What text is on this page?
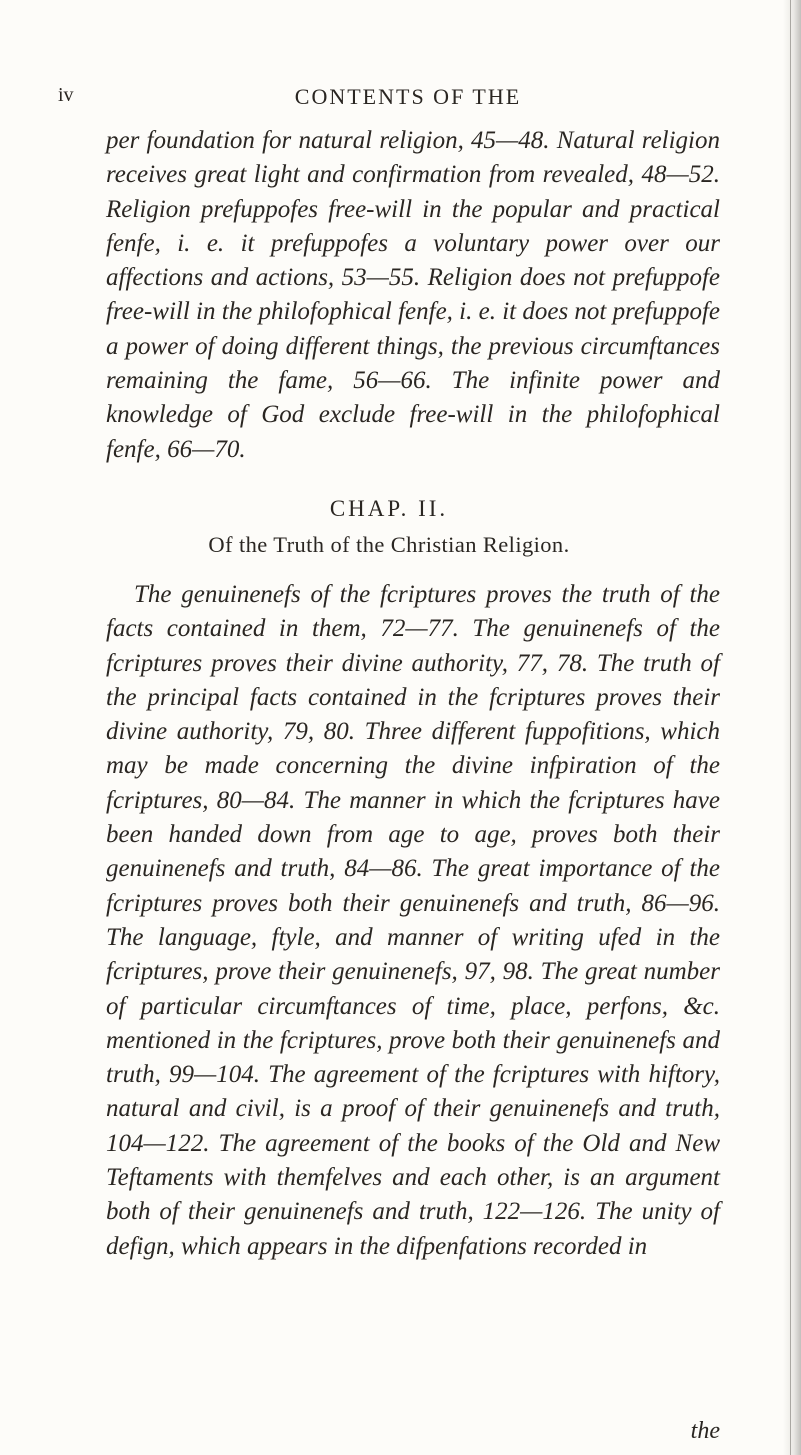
iv	CONTENTS OF THE

per foundation for natural religion, 45—48. Natural religion receives great light and confirmation from revealed, 48—52. Religion prefuppofes free-will in the popular and practical fenfe, i. e. it prefuppofes a voluntary power over our affections and actions, 53—55. Religion does not prefuppofe free-will in the philofophical fenfe, i. e. it does not prefuppofe a power of doing different things, the previous circumftances remaining the fame, 56—66. The infinite power and knowledge of God exclude free-will in the philofophical fenfe, 66—70.

CHAP. II.
Of the Truth of the Christian Religion.

The genuinenefs of the fcriptures proves the truth of the facts contained in them, 72—77. The genuinenefs of the fcriptures proves their divine authority, 77, 78. The truth of the principal facts contained in the fcriptures proves their divine authority, 79, 80. Three different fuppofitions, which may be made concerning the divine infpiration of the fcriptures, 80—84. The manner in which the fcriptures have been handed down from age to age, proves both their genuinenefs and truth, 84—86. The great importance of the fcriptures proves both their genuinenefs and truth, 86—96. The language, ftyle, and manner of writing ufed in the fcriptures, prove their genuinenefs, 97, 98. The great number of particular circumftances of time, place, perfons, &c. mentioned in the fcriptures, prove both their genuinenefs and truth, 99—104. The agreement of the fcriptures with hiftory, natural and civil, is a proof of their genuinenefs and truth, 104—122. The agreement of the books of the Old and New Teftaments with themfelves and each other, is an argument both of their genuinenefs and truth, 122—126. The unity of defign, which appears in the difpenfations recorded in

the
